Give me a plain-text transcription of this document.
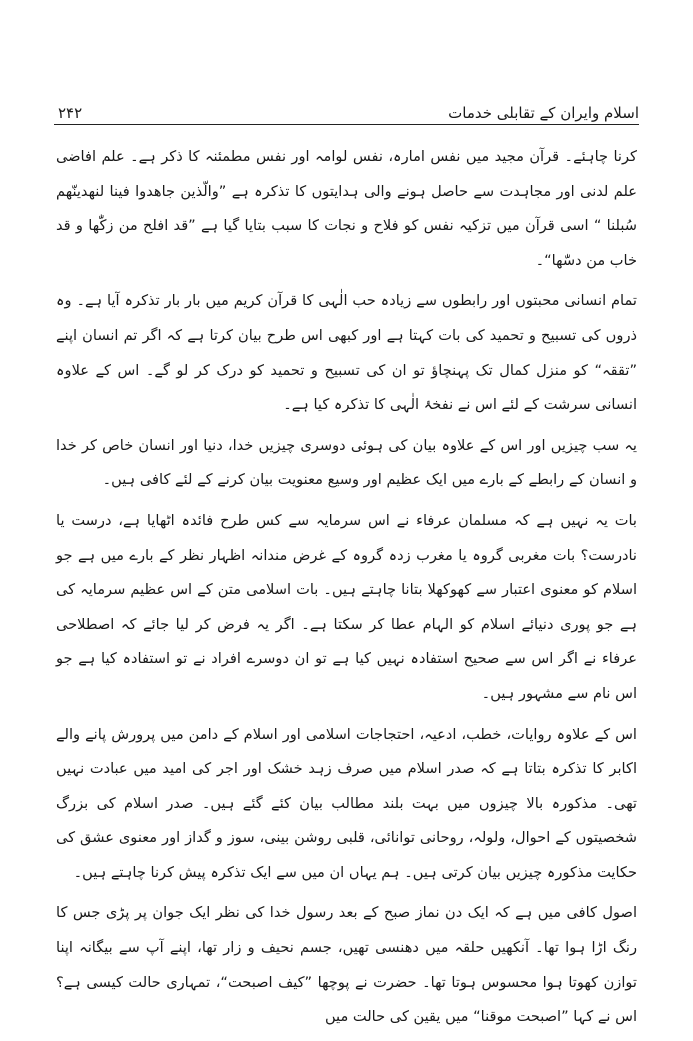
۲۴۲	اسلام وایران کے تقابلی خدمات

کرنا چاہئے۔ قرآن مجید میں نفس امارہ، نفس لوامہ اور نفس مطمئنہ کا ذکر ہے۔ علم افاضی علم لدنی اور مجاہدت سے حاصل ہونے والی ہدایتوں کا تذکرہ ہے ”والّذین جاھدوا فینا لنھدینّھم سُبلنا “ اسی قرآن میں تزکیہ نفس کو فلاح و نجات کا سبب بتایا گیا ہے ”قد افلح من زکّٰھا و قد خاب من دسّٰھا“۔

تمام انسانی محبتوں اور رابطوں سے زیادہ حب الٰہی کا قرآن کریم میں بار بار تذکرہ آیا ہے۔ وہ ذروں کی تسبیح و تحمید کی بات کہتا ہے اور کبھی اس طرح بیان کرتا ہے کہ اگر تم انسان اپنے ”تققہ“ کو منزل کمال تک پہنچاؤ تو ان کی تسبیح و تحمید کو درک کر لو گے۔ اس کے علاوہ انسانی سرشت کے لئے اس نے نفخۂ الٰہی کا تذکرہ کیا ہے۔

یہ سب چیزیں اور اس کے علاوہ بیان کی ہوئی دوسری چیزیں خدا، دنیا اور انسان خاص کر خدا و انسان کے رابطے کے بارے میں ایک عظیم اور وسیع معنویت بیان کرنے کے لئے کافی ہیں۔

بات یہ نہیں ہے کہ مسلمان عرفاء نے اس سرمایہ سے کس طرح فائدہ اٹھایا ہے، درست یا نادرست؟ بات مغربی گروہ یا مغرب زدہ گروہ کے غرض مندانہ اظہار نظر کے بارے میں ہے جو اسلام کو معنوی اعتبار سے کھوکھلا بتانا چاہتے ہیں۔ بات اسلامی متن کے اس عظیم سرمایہ کی ہے جو پوری دنیائے اسلام کو الہام عطا کر سکتا ہے۔ اگر یہ فرض کر لیا جائے کہ اصطلاحی عرفاء نے اگر اس سے صحیح استفادہ نہیں کیا ہے تو ان دوسرے افراد نے تو استفادہ کیا ہے جو اس نام سے مشہور ہیں۔

اس کے علاوہ روایات، خطب، ادعیہ، احتجاجات اسلامی اور اسلام کے دامن میں پرورش پانے والے اکابر کا تذکرہ بتاتا ہے کہ صدر اسلام میں صرف زہد خشک اور اجر کی امید میں عبادت نہیں تھی۔ مذکورہ بالا چیزوں میں بہت بلند مطالب بیان کئے گئے ہیں۔ صدر اسلام کی بزرگ شخصیتوں کے احوال، ولولہ، روحانی توانائی، قلبی روشن بینی، سوز و گداز اور معنوی عشق کی حکایت مذکورہ چیزیں بیان کرتی ہیں۔ ہم یہاں ان میں سے ایک تذکرہ پیش کرنا چاہتے ہیں۔

اصول کافی میں ہے کہ ایک دن نماز صبح کے بعد رسول خدا کی نظر ایک جوان پر پڑی جس کا رنگ اڑا ہوا تھا۔ آنکھیں حلقہ میں دھنسی تھیں، جسم نحیف و زار تھا، اپنے آپ سے بیگانہ اپنا توازن کھوتا ہوا محسوس ہوتا تھا۔ حضرت نے پوچھا ”کیف اصبحت“، تمہاری حالت کیسی ہے؟ اس نے کہا ”اصبحت موقنا“ میں یقین کی حالت میں
